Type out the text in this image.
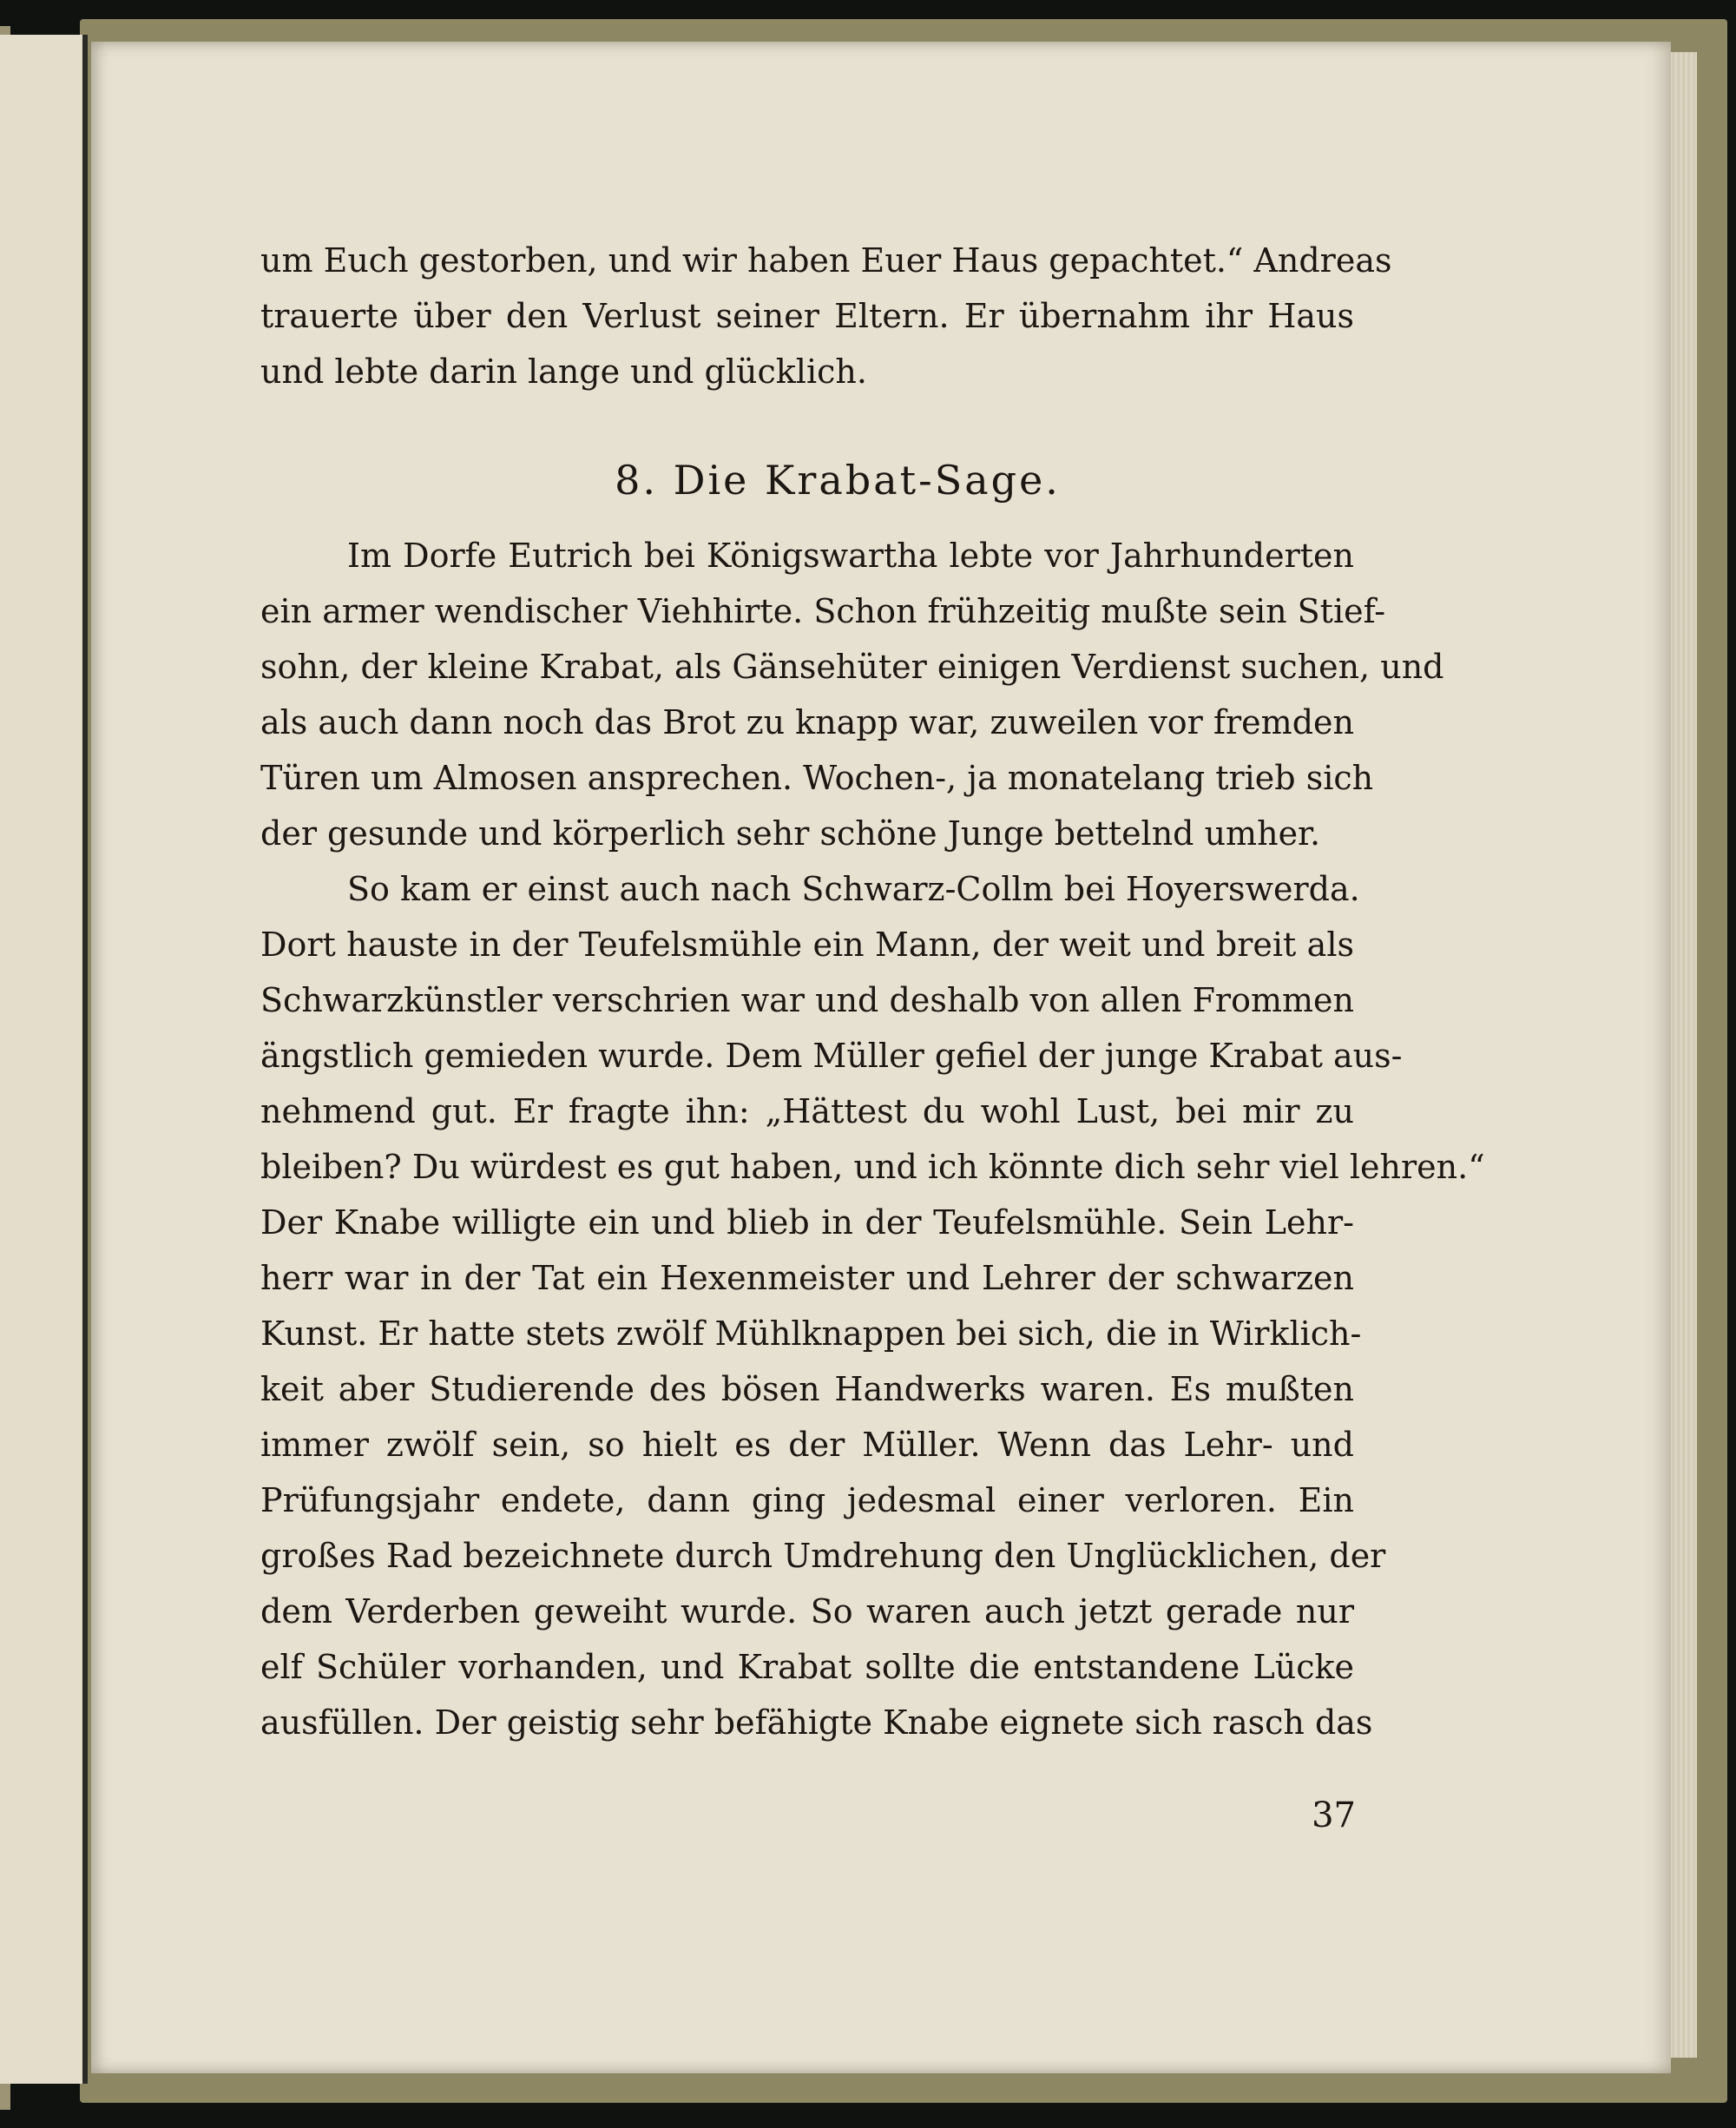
um Euch gestorben, und wir haben Euer Haus gepachtet.“ Andreas
trauerte über den Verlust seiner Eltern. Er übernahm ihr Haus
und lebte darin lange und glücklich.
8. Die Krabat-Sage.
Im Dorfe Eutrich bei Königswartha lebte vor Jahrhunderten
ein armer wendischer Viehhirte. Schon frühzeitig mußte sein Stief-
sohn, der kleine Krabat, als Gänsehüter einigen Verdienst suchen, und
als auch dann noch das Brot zu knapp war, zuweilen vor fremden
Türen um Almosen ansprechen. Wochen-, ja monatelang trieb sich
der gesunde und körperlich sehr schöne Junge bettelnd umher.
So kam er einst auch nach Schwarz-Collm bei Hoyerswerda.
Dort hauste in der Teufelsmühle ein Mann, der weit und breit als
Schwarzkünstler verschrien war und deshalb von allen Frommen
ängstlich gemieden wurde. Dem Müller gefiel der junge Krabat aus-
nehmend gut. Er fragte ihn: „Hättest du wohl Lust, bei mir zu
bleiben? Du würdest es gut haben, und ich könnte dich sehr viel lehren.“
Der Knabe willigte ein und blieb in der Teufelsmühle. Sein Lehr-
herr war in der Tat ein Hexenmeister und Lehrer der schwarzen
Kunst. Er hatte stets zwölf Mühlknappen bei sich, die in Wirklich-
keit aber Studierende des bösen Handwerks waren. Es mußten
immer zwölf sein, so hielt es der Müller. Wenn das Lehr- und
Prüfungsjahr endete, dann ging jedesmal einer verloren. Ein
großes Rad bezeichnete durch Umdrehung den Unglücklichen, der
dem Verderben geweiht wurde. So waren auch jetzt gerade nur
elf Schüler vorhanden, und Krabat sollte die entstandene Lücke
ausfüllen. Der geistig sehr befähigte Knabe eignete sich rasch das
37
